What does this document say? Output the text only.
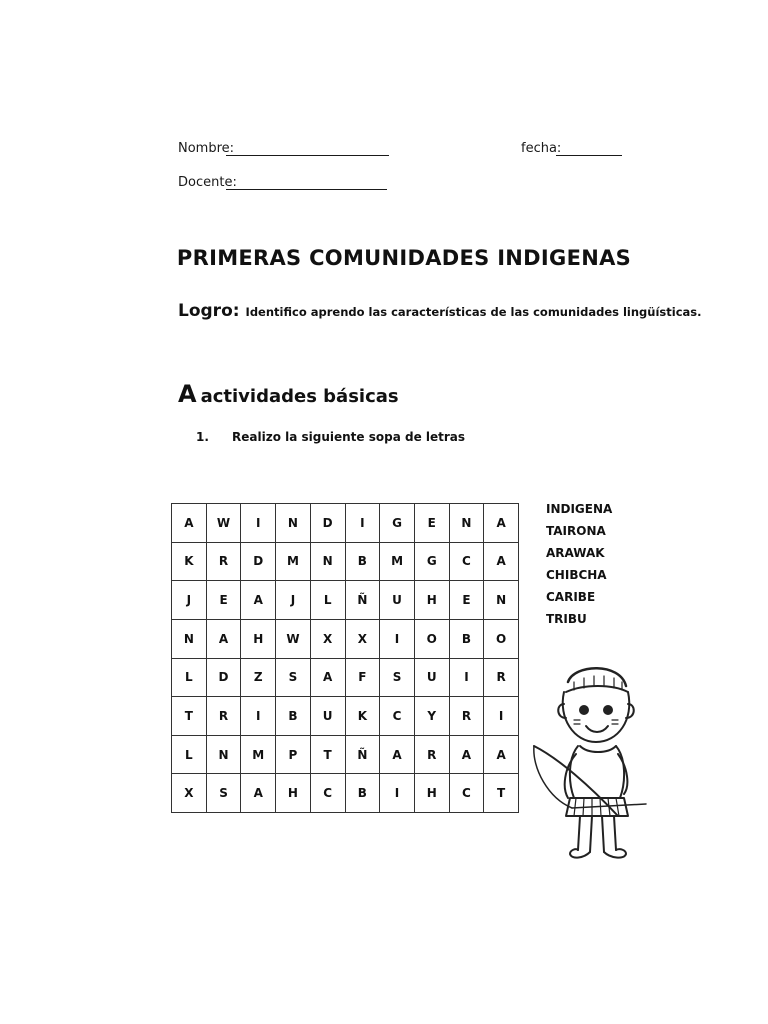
Nombre:	fecha:
Docente:
PRIMERAS COMUNIDADES INDIGENAS
Logro: Identifico aprendo las características de las comunidades lingüísticas.
A actividades básicas
1. Realizo la siguiente sopa de letras
A	W	I	N	D	I	G	E	N	A
K	R	D	M	N	B	M	G	C	A
J	E	A	J	L	Ñ	U	H	E	N
N	A	H	W	X	X	I	O	B	O
L	D	Z	S	A	F	S	U	I	R
T	R	I	B	U	K	C	Y	R	I
L	N	M	P	T	Ñ	A	R	A	A
X	S	A	H	C	B	I	H	C	T
INDIGENA
TAIRONA
ARAWAK
CHIBCHA
CARIBE
TRIBU
